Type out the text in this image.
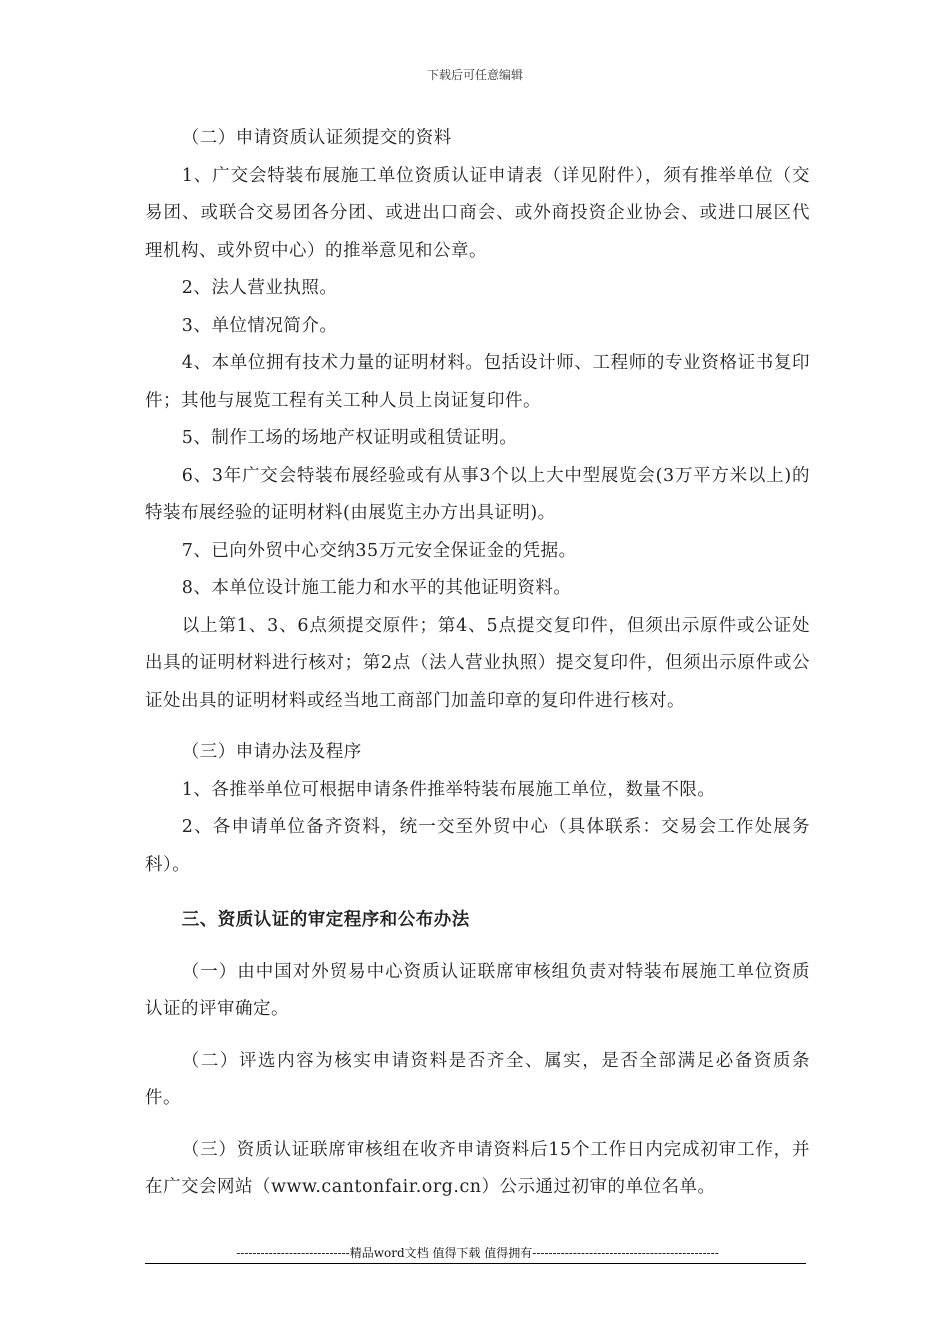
下载后可任意编辑

（二）申请资质认证须提交的资料

1、广交会特装布展施工单位资质认证申请表（详见附件），须有推举单位（交易团、或联合交易团各分团、或进出口商会、或外商投资企业协会、或进口展区代理机构、或外贸中心）的推举意见和公章。

2、法人营业执照。

3、单位情况简介。

4、本单位拥有技术力量的证明材料。包括设计师、工程师的专业资格证书复印件；其他与展览工程有关工种人员上岗证复印件。

5、制作工场的场地产权证明或租赁证明。

6、3年广交会特装布展经验或有从事3个以上大中型展览会(3万平方米以上)的特装布展经验的证明材料(由展览主办方出具证明)。

7、已向外贸中心交纳35万元安全保证金的凭据。

8、本单位设计施工能力和水平的其他证明资料。

以上第1、3、6点须提交原件；第4、5点提交复印件，但须出示原件或公证处出具的证明材料进行核对；第2点（法人营业执照）提交复印件，但须出示原件或公证处出具的证明材料或经当地工商部门加盖印章的复印件进行核对。

（三）申请办法及程序

1、各推举单位可根据申请条件推举特装布展施工单位，数量不限。

2、各申请单位备齐资料，统一交至外贸中心（具体联系：交易会工作处展务科）。

三、资质认证的审定程序和公布办法

（一）由中国对外贸易中心资质认证联席审核组负责对特装布展施工单位资质认证的评审确定。

（二）评选内容为核实申请资料是否齐全、属实，是否全部满足必备资质条件。

（三）资质认证联席审核组在收齐申请资料后15个工作日内完成初审工作，并在广交会网站（www.cantonfair.org.cn）公示通过初审的单位名单。

----------------------------精品word文档 值得下载 值得拥有----------------------------------------------
